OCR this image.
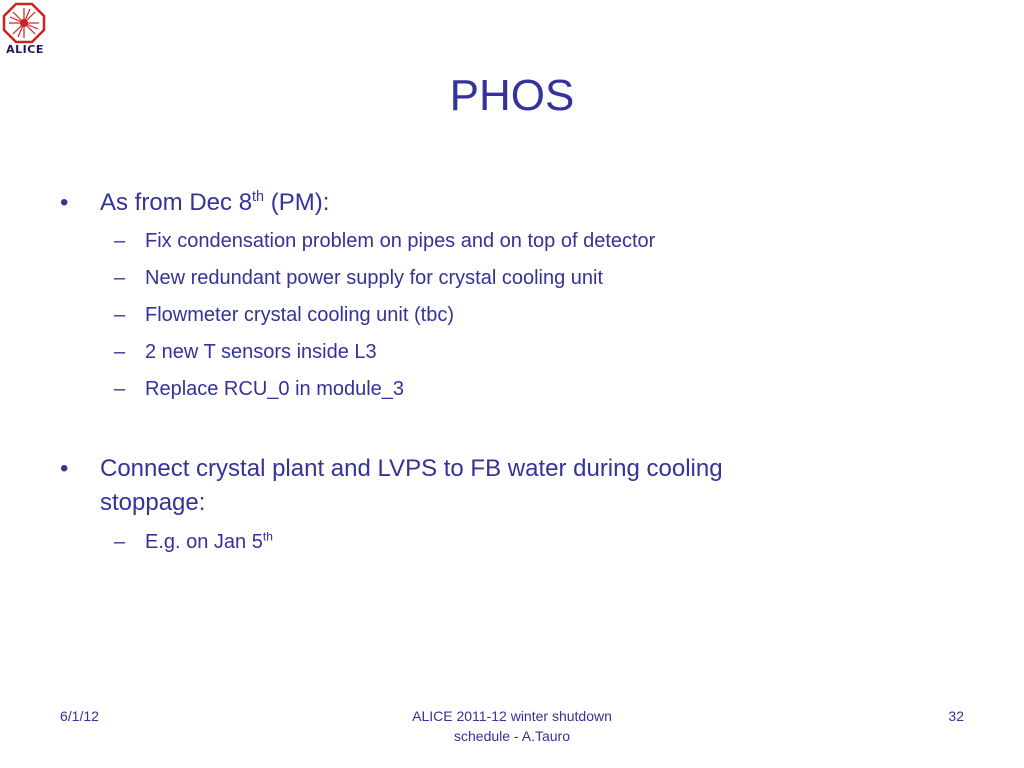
ALICE
PHOS
• As from Dec 8th (PM):
– Fix condensation problem on pipes and on top of detector
– New redundant power supply for crystal cooling unit
– Flowmeter crystal cooling unit (tbc)
– 2 new T sensors inside L3
– Replace RCU_0 in module_3
• Connect crystal plant and LVPS to FB water during cooling
stoppage:
– E.g. on Jan 5th
6/1/12	ALICE 2011-12 winter shutdown
schedule - A.Tauro
32
